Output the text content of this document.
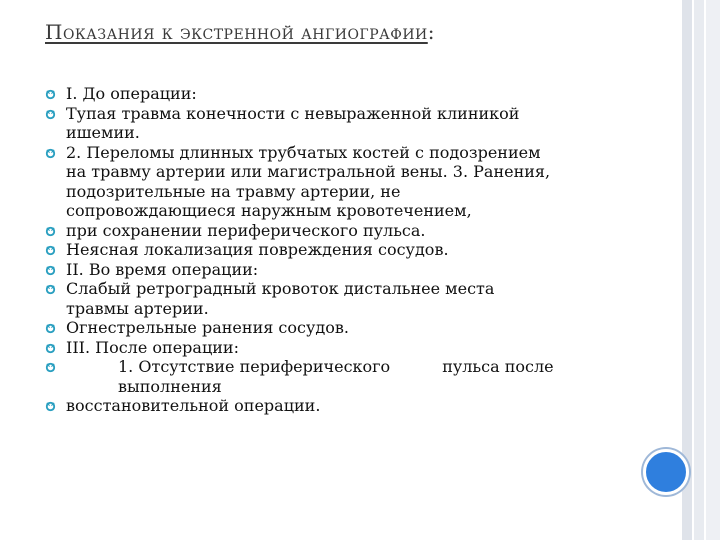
Показания к экстренной ангиографии:
I. До операции:
Тупая травма конечности с невыраженной клиникой
ишемии.
2. Переломы длинных трубчатых костей с подозрением
на травму артерии или магистральной вены. 3. Ранения,
подозрительные на травму артерии, не
сопровождающиеся наружным кровотечением,
при сохранении периферического пульса.
Неясная локализация повреждения сосудов.
II. Во время операции:
Слабый ретроградный кровоток дистальнее места
травмы артерии.
Огнестрельные ранения сосудов.
III. После операции:
1. Отсутствие периферического	пульса после
выполнения
восстановительной операции.
